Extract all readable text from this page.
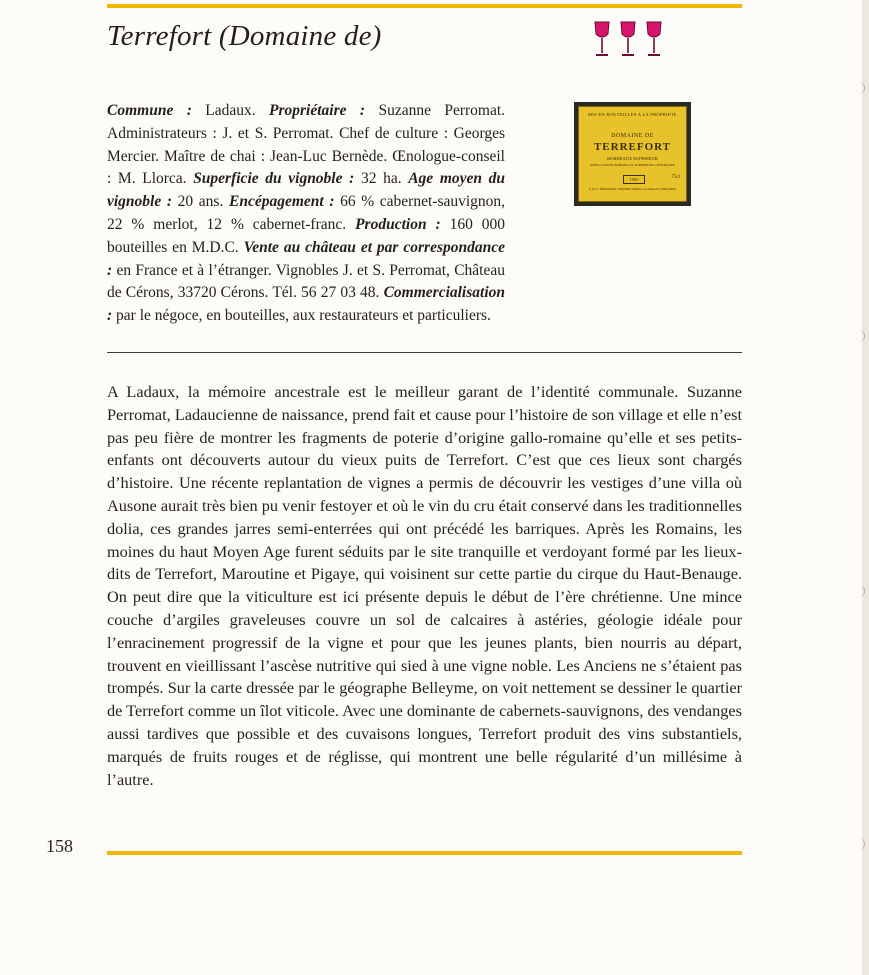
Terrefort (Domaine de)

Commune : Ladaux. Propriétaire : Suzanne Perromat. Administrateurs : J. et S. Perromat. Chef de culture : Georges Mercier. Maître de chai : Jean-Luc Bernède. Œnologue-conseil : M. Llorca. Superficie du vignoble : 32 ha. Age moyen du vignoble : 20 ans. Encépagement : 66 % cabernet-sauvignon, 22 % merlot, 12 % cabernet-franc. Production : 160 000 bouteilles en M.D.C. Vente au château et par correspondance : en France et à l’étranger. Vignobles J. et S. Perromat, Château de Cérons, 33720 Cérons. Tél. 56 27 03 48. Commercialisation : par le négoce, en bouteilles, aux restaurateurs et particuliers.

MIS EN BOUTEILLES A LA PROPRIETE
DOMAINE DE
TERREFORT
BORDEAUX SUPERIEUR
APPELLATION BORDEAUX SUPERIEUR CONTROLEE
1985	75cl
S. ET J. PERROMAT, PROPRIETAIRES A LADAUX (GIRONDE)

A Ladaux, la mémoire ancestrale est le meilleur garant de l’identité communale. Suzanne Perromat, Ladaucienne de naissance, prend fait et cause pour l’histoire de son village et elle n’est pas peu fière de montrer les fragments de poterie d’origine gallo-romaine qu’elle et ses petits-enfants ont découverts autour du vieux puits de Terrefort. C’est que ces lieux sont chargés d’histoire. Une récente replantation de vignes a permis de découvrir les vestiges d’une villa où Ausone aurait très bien pu venir festoyer et où le vin du cru était conservé dans les traditionnelles dolia, ces grandes jarres semi-enterrées qui ont précédé les barriques. Après les Romains, les moines du haut Moyen Age furent séduits par le site tranquille et verdoyant formé par les lieux-dits de Terrefort, Maroutine et Pigaye, qui voisinent sur cette partie du cirque du Haut-Benauge. On peut dire que la viticulture est ici présente depuis le début de l’ère chrétienne. Une mince couche d’argiles graveleuses couvre un sol de calcaires à astéries, géologie idéale pour l’enracinement progressif de la vigne et pour que les jeunes plants, bien nourris au départ, trouvent en vieillissant l’ascèse nutritive qui sied à une vigne noble. Les Anciens ne s’étaient pas trompés. Sur la carte dressée par le géographe Belleyme, on voit nettement se dessiner le quartier de Terrefort comme un îlot viticole. Avec une dominante de cabernets-sauvignons, des vendanges aussi tardives que possible et des cuvaisons longues, Terrefort produit des vins substantiels, marqués de fruits rouges et de réglisse, qui montrent une belle régularité d’un millésime à l’autre.

158
